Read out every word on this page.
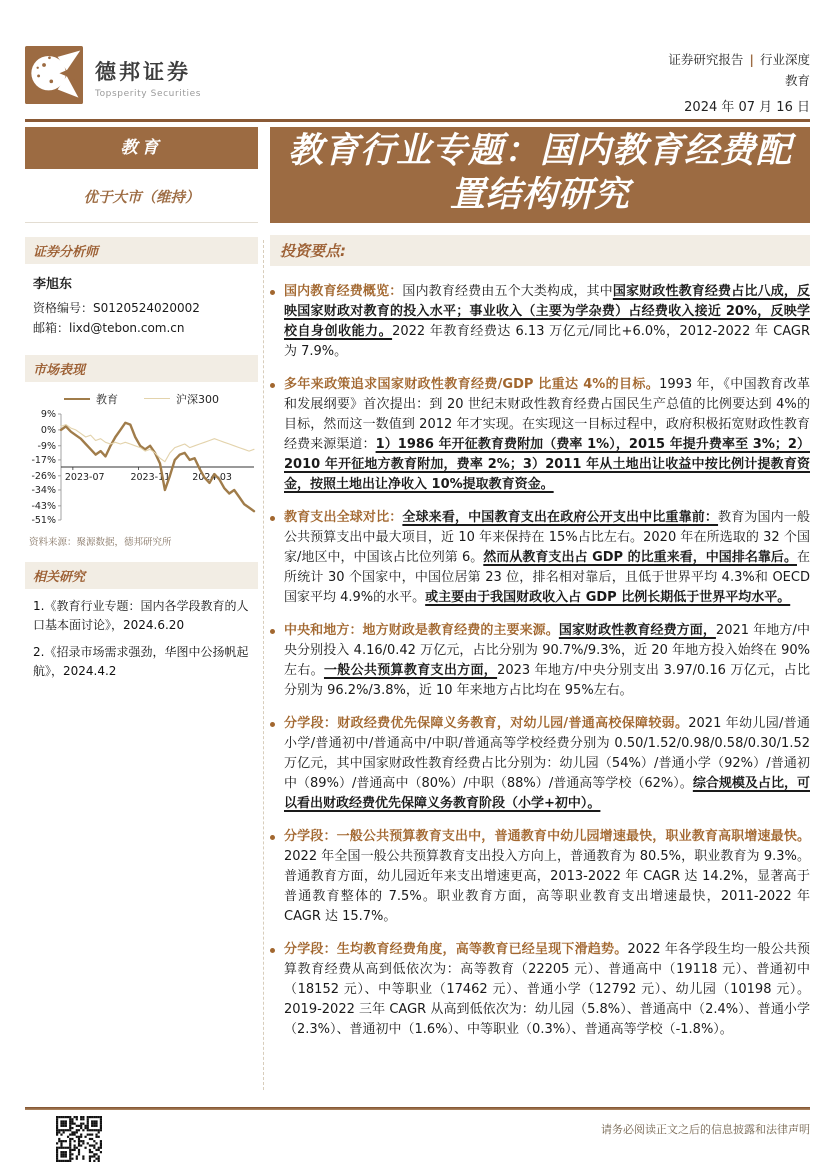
德邦证券
Topsperity Securities
证券研究报告 | 行业深度
教育
2024 年 07 月 16 日
教育
优于大市（维持）
证券分析师
李旭东
资格编号：S0120524020002
邮箱：lixd@tebon.com.cn
市场表现
教育	沪深300
9%
0%
-9%
-17%
-26%
-34%
-43%
-51%
2023-07	2023-11 2024-03
资料来源：聚源数据，德邦研究所
相关研究

1.《教育行业专题：国内各学段教育的人口基本面讨论》，2024.6.20

2.《招录市场需求强劲，华图中公扬帆起航》，2024.4.2

教育行业专题：国内教育经费配置结构研究
投资要点:

国内教育经费概览：国内教育经费由五个大类构成，其中国家财政性教育经费占比八成，反映国家财政对教育的投入水平；事业收入（主要为学杂费）占经费收入接近 20%，反映学校自身创收能力。2022 年教育经费达 6.13 万亿元/同比+6.0%，2012-2022 年 CAGR 为 7.9%。

多年来政策追求国家财政性教育经费/GDP 比重达 4%的目标。1993 年，《中国教育改革和发展纲要》首次提出：到 20 世纪末财政性教育经费占国民生产总值的比例要达到 4%的目标，然而这一数值到 2012 年才实现。在实现这一目标过程中，政府积极拓宽财政性教育经费来源渠道：1）1986 年开征教育费附加（费率 1%），2015 年提升费率至 3%；2）2010 年开征地方教育附加，费率 2%；3）2011 年从土地出让收益中按比例计提教育资金，按照土地出让净收入 10%提取教育资金。

教育支出全球对比：全球来看，中国教育支出在政府公开支出中比重靠前：教育为国内一般公共预算支出中最大项目，近 10 年来保持在 15%占比左右。2020 年在所选取的 32 个国家/地区中，中国该占比位列第 6。然而从教育支出占 GDP 的比重来看，中国排名靠后。在所统计 30 个国家中，中国位居第 23 位，排名相对靠后，且低于世界平均 4.3%和 OECD 国家平均 4.9%的水平。或主要由于我国财政收入占 GDP 比例长期低于世界平均水平。

中央和地方：地方财政是教育经费的主要来源。国家财政性教育经费方面，2021 年地方/中央分别投入 4.16/0.42 万亿元，占比分别为 90.7%/9.3%，近 20 年地方投入始终在 90%左右。一般公共预算教育支出方面，2023 年地方/中央分别支出 3.97/0.16 万亿元，占比分别为 96.2%/3.8%，近 10 年来地方占比均在 95%左右。

分学段：财政经费优先保障义务教育，对幼儿园/普通高校保障较弱。2021 年幼儿园/普通小学/普通初中/普通高中/中职/普通高等学校经费分别为 0.50/1.52/0.98/0.58/0.30/1.52 万亿元，其中国家财政性教育经费占比分别为：幼儿园（54%）/普通小学（92%）/普通初中（89%）/普通高中（80%）/中职（88%）/普通高等学校（62%）。综合规模及占比，可以看出财政经费优先保障义务教育阶段（小学+初中）。

分学段：一般公共预算教育支出中，普通教育中幼儿园增速最快，职业教育高职增速最快。2022 年全国一般公共预算教育支出投入方向上，普通教育为 80.5%，职业教育为 9.3%。普通教育方面，幼儿园近年来支出增速更高，2013-2022 年 CAGR 达 14.2%，显著高于普通教育整体的 7.5%。职业教育方面，高等职业教育支出增速最快，2011-2022 年 CAGR 达 15.7%。

分学段：生均教育经费角度，高等教育已经呈现下滑趋势。2022 年各学段生均一般公共预算教育经费从高到低依次为：高等教育（22205 元）、普通高中（19118 元）、普通初中（18152 元）、中等职业（17462 元）、普通小学（12792 元）、幼儿园（10198 元）。2019-2022 三年 CAGR 从高到低依次为：幼儿园（5.8%）、普通高中（2.4%）、普通小学（2.3%）、普通初中（1.6%）、中等职业（0.3%）、普通高等学校（-1.8%）。

请务必阅读正文之后的信息披露和法律声明
